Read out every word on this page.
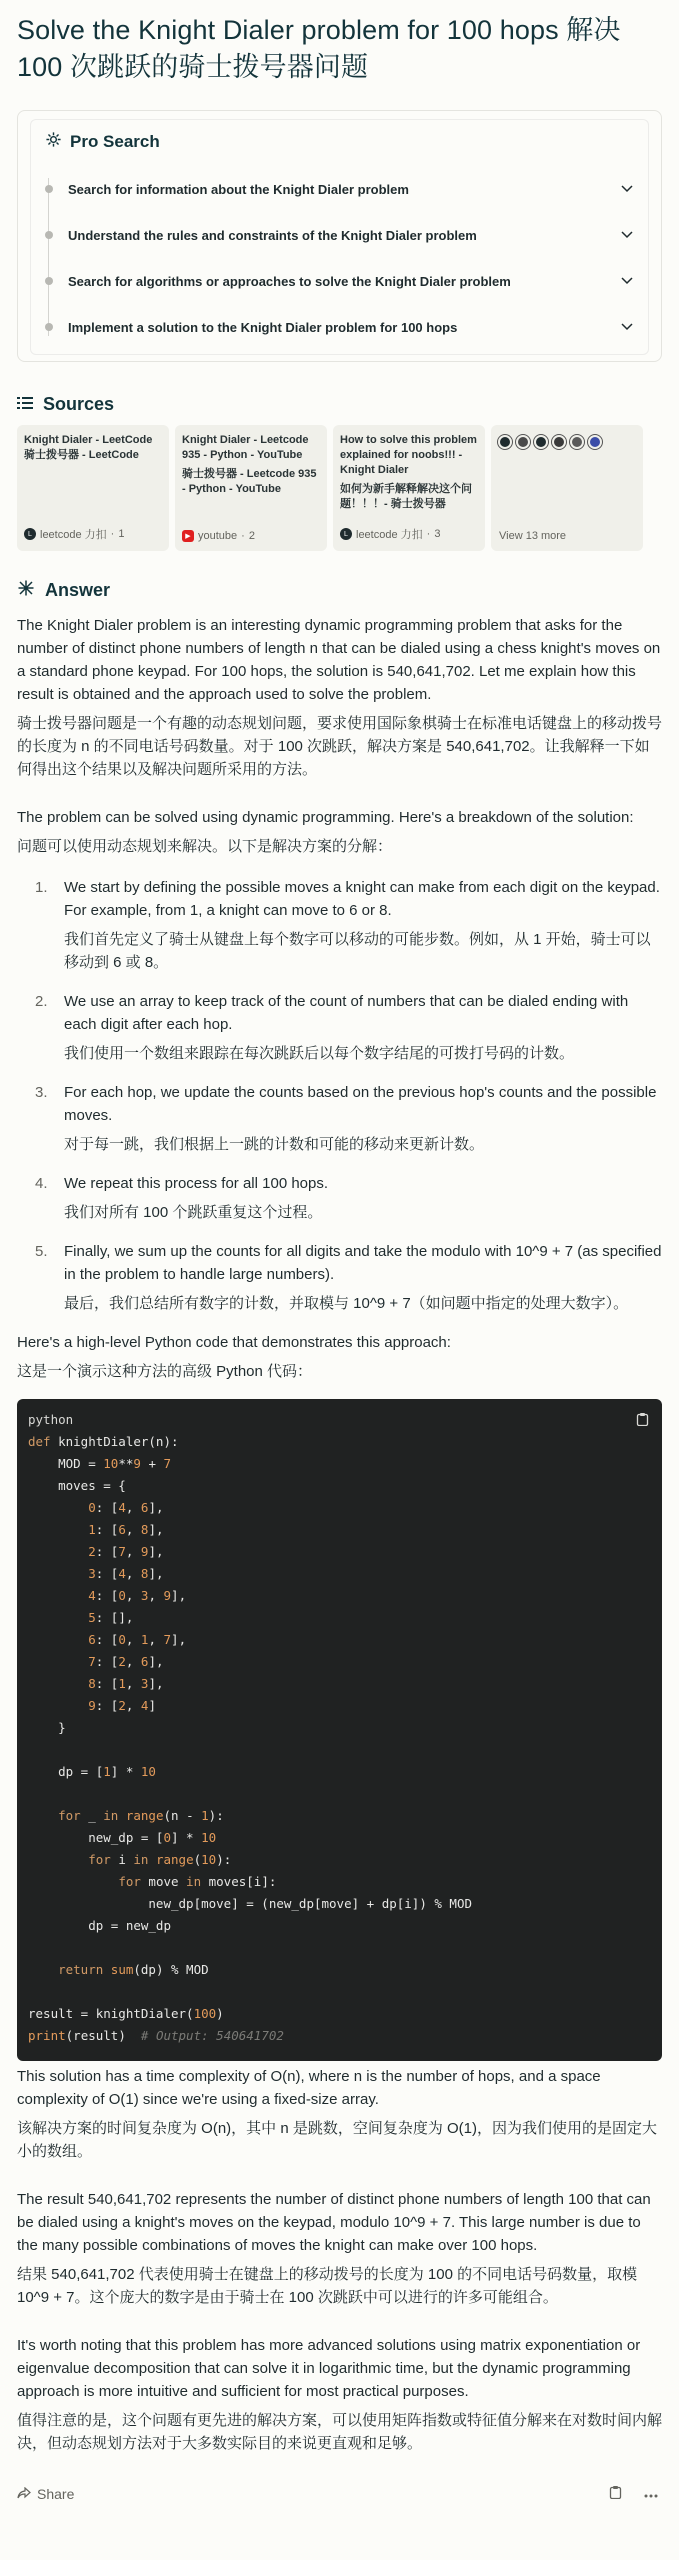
Solve the Knight Dialer problem for 100 hops 解决 100 次跳跃的骑士拨号器问题
Pro Search
Search for information about the Knight Dialer problem
Understand the rules and constraints of the Knight Dialer problem
Search for algorithms or approaches to solve the Knight Dialer problem
Implement a solution to the Knight Dialer problem for 100 hops
Sources
Knight Dialer - LeetCode 骑士拨号器 - LeetCode
L leetcode 力扣 · 1
Knight Dialer - Leetcode 935 - Python - YouTube
骑士拨号器 - Leetcode 935 - Python - YouTube
▶ youtube · 2
How to solve this problem explained for noobs!!! - Knight Dialer
如何为新手解释解决这个问题！！！- 骑士拨号器
L leetcode 力扣 · 3	View 13 more
Answer

The Knight Dialer problem is an interesting dynamic programming problem that asks for the number of distinct phone numbers of length n that can be dialed using a chess knight's moves on a standard phone keypad. For 100 hops, the solution is 540,641,702. Let me explain how this result is obtained and the approach used to solve the problem.

骑士拨号器问题是一个有趣的动态规划问题，要求使用国际象棋骑士在标准电话键盘上的移动拨号的长度为 n 的不同电话号码数量。对于 100 次跳跃，解决方案是 540,641,702。让我解释一下如何得出这个结果以及解决问题所采用的方法。

The problem can be solved using dynamic programming. Here's a breakdown of the solution:

问题可以使用动态规划来解决。以下是解决方案的分解：

1.	We start by defining the possible moves a knight can make from each digit on the keypad. For example, from 1, a knight can move to 6 or 8.

我们首先定义了骑士从键盘上每个数字可以移动的可能步数。例如，从 1 开始，骑士可以移动到 6 或 8。

2.	We use an array to keep track of the count of numbers that can be dialed ending with each digit after each hop.

我们使用一个数组来跟踪在每次跳跃后以每个数字结尾的可拨打号码的计数。

3.	For each hop, we update the counts based on the previous hop's counts and the possible moves.

对于每一跳，我们根据上一跳的计数和可能的移动来更新计数。

4.	We repeat this process for all 100 hops.

我们对所有 100 个跳跃重复这个过程。

5.	Finally, we sum up the counts for all digits and take the modulo with 10^9 + 7 (as specified in the problem to handle large numbers).

最后，我们总结所有数字的计数，并取模与 10^9 + 7（如问题中指定的处理大数字）。

Here's a high-level Python code that demonstrates this approach:

这是一个演示这种方法的高级 Python 代码：

python
def knightDialer(n):
MOD = 10**9 + 7
moves = {
0: [4, 6],
1: [6, 8],
2: [7, 9],
3: [4, 8],
4: [0, 3, 9],
5: [],
6: [0, 1, 7],
7: [2, 6],
8: [1, 3],
9: [2, 4]
}

dp = [1] * 10

for _ in range(n - 1):
new_dp = [0] * 10
for i in range(10):
for move in moves[i]:
new_dp[move] = (new_dp[move] + dp[i]) % MOD
dp = new_dp

return sum(dp) % MOD

result = knightDialer(100)
print(result)  # Output: 540641702

This solution has a time complexity of O(n), where n is the number of hops, and a space complexity of O(1) since we're using a fixed-size array.

该解决方案的时间复杂度为 O(n)，其中 n 是跳数，空间复杂度为 O(1)，因为我们使用的是固定大小的数组。

The result 540,641,702 represents the number of distinct phone numbers of length 100 that can be dialed using a knight's moves on the keypad, modulo 10^9 + 7. This large number is due to the many possible combinations of moves the knight can make over 100 hops.

结果 540,641,702 代表使用骑士在键盘上的移动拨号的长度为 100 的不同电话号码数量，取模 10^9 + 7。这个庞大的数字是由于骑士在 100 次跳跃中可以进行的许多可能组合。

It's worth noting that this problem has more advanced solutions using matrix exponentiation or eigenvalue decomposition that can solve it in logarithmic time, but the dynamic programming approach is more intuitive and sufficient for most practical purposes.

值得注意的是，这个问题有更先进的解决方案，可以使用矩阵指数或特征值分解来在对数时间内解决，但动态规划方法对于大多数实际目的来说更直观和足够。

Share
